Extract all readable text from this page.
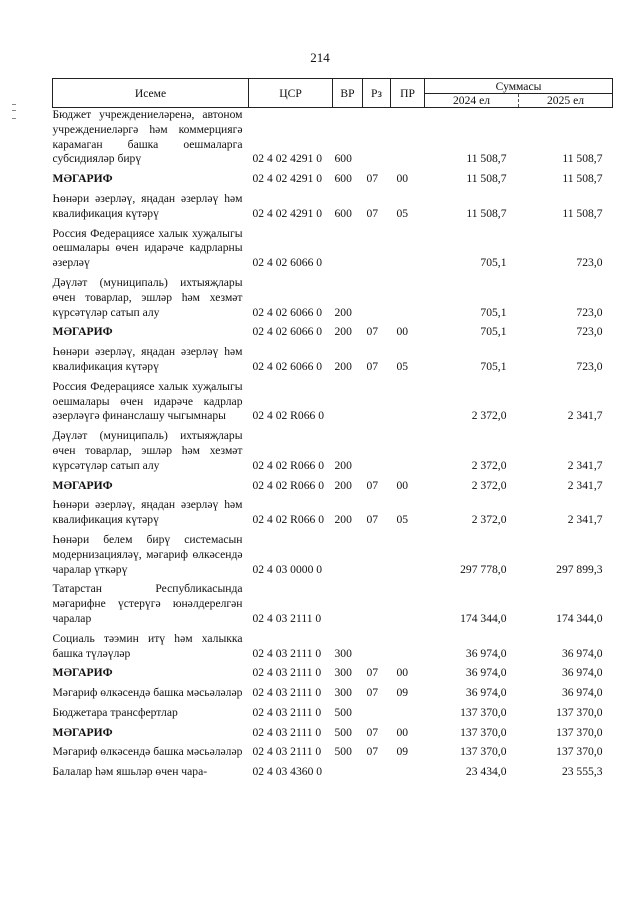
214
Исеме	ЦСР	ВР	Рз	ПР	Суммасы	
					2024 ел	2025 ел
Бюджет учреждениеләренә, автоном учреждениеләргә һәм коммерциягә карамаган башка оешмаларга субсидияләр бирү	02 4 02 4291 0	600			11 508,7	11 508,7
МӘГАРИФ	02 4 02 4291 0	600	07	00	11 508,7	11 508,7
Һөнәри әзерләү, яңадан әзерләү һәм квалификация күтәрү	02 4 02 4291 0	600	07	05	11 508,7	11 508,7
Россия Федерациясе халык хуҗалыгы оешмалары өчен идарәче кадрларны әзерләү	02 4 02 6066 0				705,1	723,0
Дәүләт (муниципаль) ихтыяҗлары өчен товарлар, эшләр һәм хезмәт күрсәтүләр сатып алу	02 4 02 6066 0	200			705,1	723,0
МӘГАРИФ	02 4 02 6066 0	200	07	00	705,1	723,0
Һөнәри әзерләү, яңадан әзерләү һәм квалификация күтәрү	02 4 02 6066 0	200	07	05	705,1	723,0
Россия Федерациясе халык хуҗалыгы оешмалары өчен идарәче кадрлар әзерләүгә финанслашу чыгымнары	02 4 02 R066 0				2 372,0	2 341,7
Дәүләт (муниципаль) ихтыяҗлары өчен товарлар, эшләр һәм хезмәт күрсәтүләр сатып алу	02 4 02 R066 0	200			2 372,0	2 341,7
МӘГАРИФ	02 4 02 R066 0	200	07	00	2 372,0	2 341,7
Һөнәри әзерләү, яңадан әзерләү һәм квалификация күтәрү	02 4 02 R066 0	200	07	05	2 372,0	2 341,7
Һөнәри белем бирү системасын модернизацияләү, мәгариф өлкәсендә чаралар үткәрү	02 4 03 0000 0				297 778,0	297 899,3
Татарстан Республикасында мәгарифне үстерүгә юнәлдерелгән чаралар	02 4 03 2111 0				174 344,0	174 344,0
Социаль тәэмин итү һәм халыкка башка түләүләр	02 4 03 2111 0	300			36 974,0	36 974,0
МӘГАРИФ	02 4 03 2111 0	300	07	00	36 974,0	36 974,0
Мәгариф өлкәсендә башка мәсьәләләр	02 4 03 2111 0	300	07	09	36 974,0	36 974,0
Бюджетара трансфертлар	02 4 03 2111 0	500			137 370,0	137 370,0
МӘГАРИФ	02 4 03 2111 0	500	07	00	137 370,0	137 370,0
Мәгариф өлкәсендә башка мәсьәләләр	02 4 03 2111 0	500	07	09	137 370,0	137 370,0
Балалар һәм яшьләр өчен чара-	02 4 03 4360 0				23 434,0	23 555,3
